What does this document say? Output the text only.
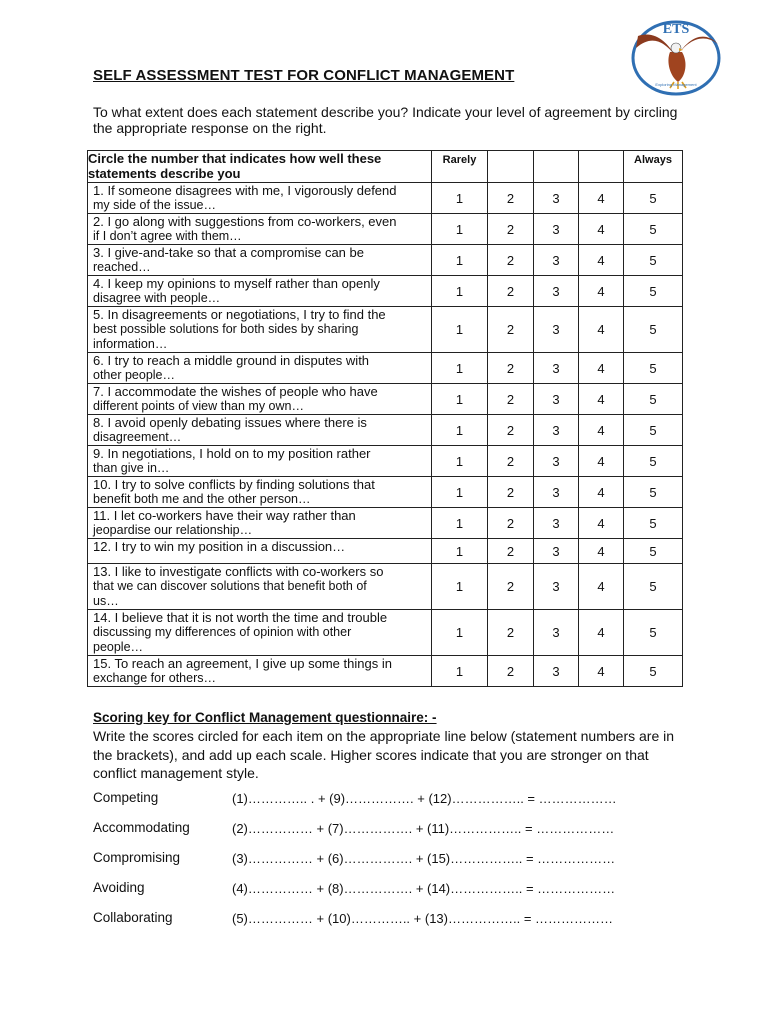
ETS
Exploring Management
SELF ASSESSMENT TEST FOR CONFLICT MANAGEMENT
To what extent does each statement describe you? Indicate your level of agreement by circling the appropriate response on the right.
Circle the number that indicates how well these statements describe you	Rarely				Always

1. If someone disagrees with me, I vigorously defend
my side of the issue…	1	2	3	4	5

2. I go along with suggestions from co-workers, even
if I don’t agree with them…	1	2	3	4	5

3. I give-and-take so that a compromise can be
reached…	1	2	3	4	5

4. I keep my opinions to myself rather than openly
disagree with people…	1	2	3	4	5

5. In disagreements or negotiations, I try to find the
best possible solutions for both sides by sharing
information…	1	2	3	4	5

6. I try to reach a middle ground in disputes with
other people…	1	2	3	4	5

7. I accommodate the wishes of people who have
different points of view than my own…	1	2	3	4	5

8. I avoid openly debating issues where there is
disagreement…	1	2	3	4	5

9. In negotiations, I hold on to my position rather
than give in…	1	2	3	4	5

10. I try to solve conflicts by finding solutions that
benefit both me and the other person…	1	2	3	4	5

11. I let co-workers have their way rather than
jeopardise our relationship…	1	2	3	4	5

12. I try to win my position in a discussion…	1	2	3	4	5

13. I like to investigate conflicts with co-workers so
that we can discover solutions that benefit both of
us…	1	2	3	4	5

14. I believe that it is not worth the time and trouble
discussing my differences of opinion with other
people…	1	2	3	4	5

15. To reach an agreement, I give up some things in
exchange for others…	1	2	3	4	5
Scoring key for Conflict Management questionnaire: -
Write the scores circled for each item on the appropriate line below (statement numbers are in the brackets), and add up each scale. Higher scores indicate that you are stronger on that conflict management style.
Competing	(1)………….. . + (9)……………. + (12)…………….. = ………………
Accommodating	(2)…………… + (7)……………. + (11)…………….. = ………………
Compromising	(3)…………… + (6)……………. + (15)…………….. = ………………
Avoiding	(4)…………… + (8)……………. + (14)…………….. = ………………
Collaborating	(5)…………… + (10)………….. + (13)…………….. = ………………
